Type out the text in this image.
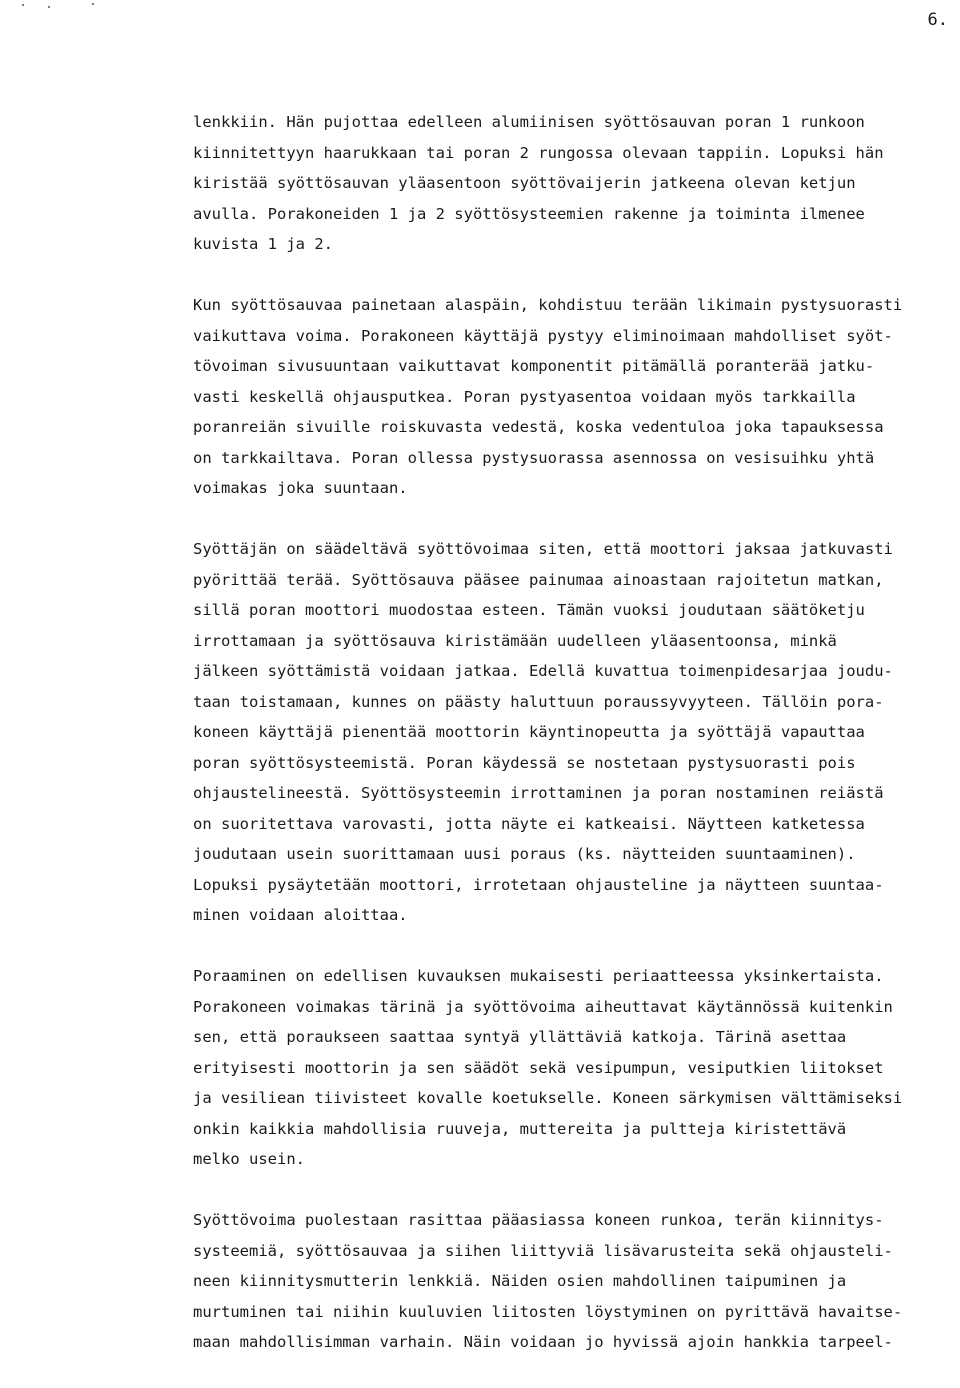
6.
lenkkiin. Hän pujottaa edelleen alumiinisen syöttösauvan poran 1 runkoon
kiinnitettyyn haarukkaan tai poran 2 rungossa olevaan tappiin. Lopuksi hän
kiristää syöttösauvan yläasentoon syöttövaijerin jatkeena olevan ketjun
avulla. Porakoneiden 1 ja 2 syöttösysteemien rakenne ja toiminta ilmenee
kuvista 1 ja 2.
Kun syöttösauvaa painetaan alaspäin, kohdistuu terään likimain pystysuorasti
vaikuttava voima. Porakoneen käyttäjä pystyy eliminoimaan mahdolliset syöt-
tövoiman sivusuuntaan vaikuttavat komponentit pitämällä poranterää jatku-
vasti keskellä ohjausputkea. Poran pystyasentoa voidaan myös tarkkailla
poranreiän sivuille roiskuvasta vedestä, koska vedentuloa joka tapauksessa
on tarkkailtava. Poran ollessa pystysuorassa asennossa on vesisuihku yhtä
voimakas joka suuntaan.
Syöttäjän on säädeltävä syöttövoimaa siten, että moottori jaksaa jatkuvasti
pyörittää terää. Syöttösauva pääsee painumaa ainoastaan rajoitetun matkan,
sillä poran moottori muodostaa esteen. Tämän vuoksi joudutaan säätöketju
irrottamaan ja syöttösauva kiristämään uudelleen yläasentoonsa, minkä
jälkeen syöttämistä voidaan jatkaa. Edellä kuvattua toimenpidesarjaa joudu-
taan toistamaan, kunnes on päästy haluttuun poraussyvyyteen. Tällöin pora-
koneen käyttäjä pienentää moottorin käyntinopeutta ja syöttäjä vapauttaa
poran syöttösysteemistä. Poran käydessä se nostetaan pystysuorasti pois
ohjaustelineestä. Syöttösysteemin irrottaminen ja poran nostaminen reiästä
on suoritettava varovasti, jotta näyte ei katkeaisi. Näytteen katketessa
joudutaan usein suorittamaan uusi poraus (ks. näytteiden suuntaaminen).
Lopuksi pysäytetään moottori, irrotetaan ohjausteline ja näytteen suuntaa-
minen voidaan aloittaa.
Poraaminen on edellisen kuvauksen mukaisesti periaatteessa yksinkertaista.
Porakoneen voimakas tärinä ja syöttövoima aiheuttavat käytännössä kuitenkin
sen, että poraukseen saattaa syntyä yllättäviä katkoja. Tärinä asettaa
erityisesti moottorin ja sen säädöt sekä vesipumpun, vesiputkien liitokset
ja vesiliean tiivisteet kovalle koetukselle. Koneen särkymisen välttämiseksi
onkin kaikkia mahdollisia ruuveja, muttereita ja pultteja kiristettävä
melko usein.
Syöttövoima puolestaan rasittaa pääasiassa koneen runkoa, terän kiinnitys-
systeemiä, syöttösauvaa ja siihen liittyviä lisävarusteita sekä ohjausteli-
neen kiinnitysmutterin lenkkiä. Näiden osien mahdollinen taipuminen ja
murtuminen tai niihin kuuluvien liitosten löystyminen on pyrittävä havaitse-
maan mahdollisimman varhain. Näin voidaan jo hyvissä ajoin hankkia tarpeel-
